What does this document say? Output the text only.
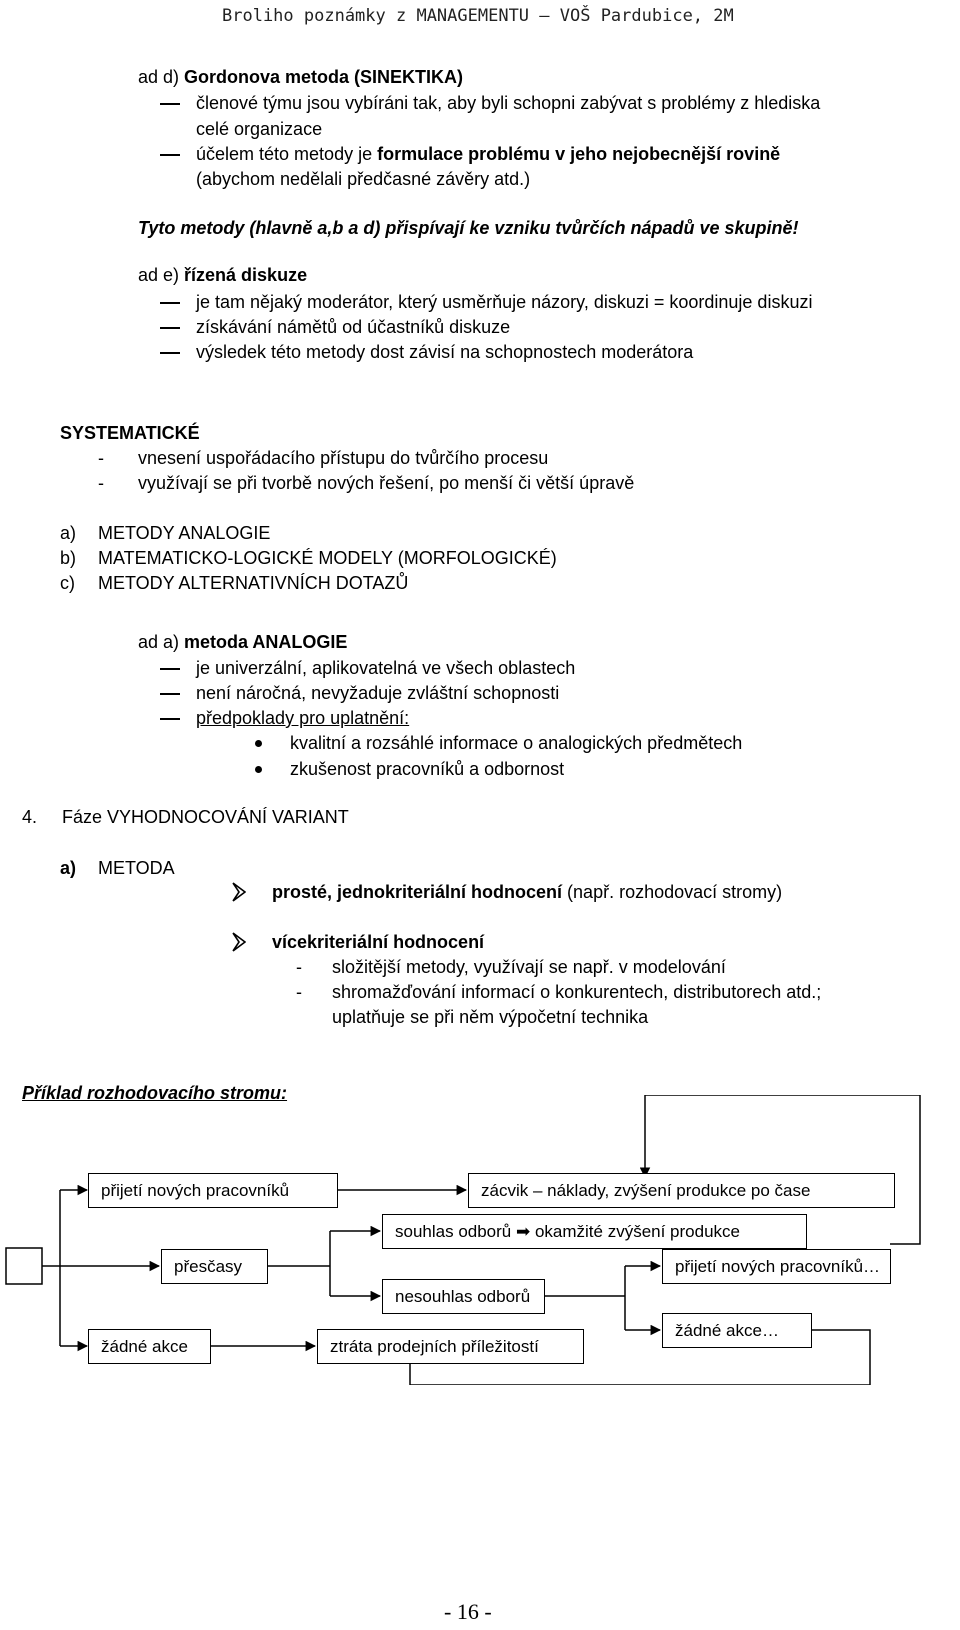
Broliho poznámky z MANAGEMENTU – VOŠ Pardubice, 2M
ad d) Gordonova metoda (SINEKTIKA)
členové týmu jsou vybíráni tak, aby byli schopni zabývat s problémy z hlediska
celé organizace
účelem této metody je formulace problému v jeho nejobecnější rovině
(abychom nedělali předčasné závěry atd.)
Tyto metody (hlavně a,b a d) přispívají ke vzniku tvůrčích nápadů ve skupině!
ad e) řízená diskuze
je tam nějaký moderátor, který usměrňuje názory, diskuzi = koordinuje diskuzi
získávání námětů od účastníků diskuze
výsledek této metody dost závisí na schopnostech moderátora
SYSTEMATICKÉ
- vnesení uspořádacího přístupu do tvůrčího procesu
- využívají se při tvorbě nových řešení, po menší či větší úpravě
a) METODY ANALOGIE
b) MATEMATICKO-LOGICKÉ MODELY (MORFOLOGICKÉ)
c) METODY ALTERNATIVNÍCH DOTAZŮ
ad a) metoda ANALOGIE
je univerzální, aplikovatelná ve všech oblastech
není náročná, nevyžaduje zvláštní schopnosti
předpoklady pro uplatnění:
kvalitní a rozsáhlé informace o analogických předmětech
zkušenost pracovníků a odbornost
4. Fáze VYHODNOCOVÁNÍ VARIANT
a) METODA
prosté, jednokriteriální hodnocení (např. rozhodovací stromy)
vícekriteriální hodnocení
- složitější metody, využívají se např. v modelování
- shromažďování informací o konkurentech, distributorech atd.;
uplatňuje se při něm výpočetní technika
Příklad rozhodovacího stromu:
přijetí nových pracovníků	zácvik – náklady, zvýšení produkce po čase
souhlas odborů ➡ okamžité zvýšení produkce
přesčasy	přijetí nových pracovníků…
nesouhlas odborů
žádné akce…
žádné akce	ztráta prodejních příležitostí
- 16 -
